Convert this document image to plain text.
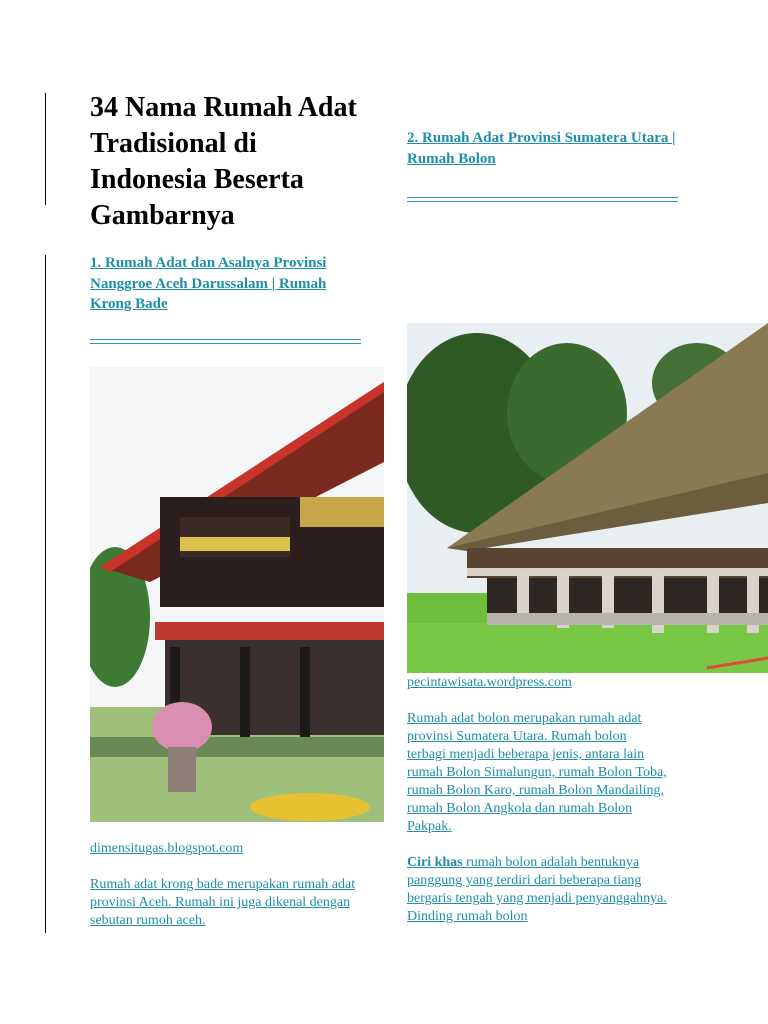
34 Nama Rumah Adat Tradisional di Indonesia Beserta Gambarnya
1. Rumah Adat dan Asalnya Provinsi Nanggroe Aceh Darussalam | Rumah Krong Bade
dimensitugas.blogspot.com
Rumah adat krong bade merupakan rumah adat provinsi Aceh. Rumah ini juga dikenal dengan sebutan rumoh aceh.
2. Rumah Adat Provinsi Sumatera Utara | Rumah Bolon
pecintawisata.wordpress.com
Rumah adat bolon merupakan rumah adat provinsi Sumatera Utara. Rumah bolon terbagi menjadi beberapa jenis, antara lain rumah Bolon Simalungun, rumah Bolon Toba, rumah Bolon Karo, rumah Bolon Mandailing, rumah Bolon Angkola dan rumah Bolon Pakpak.
Ciri khas rumah bolon adalah bentuknya panggung yang terdiri dari beberapa tiang bergaris tengah yang menjadi penyanggahnya. Dinding rumah bolon
